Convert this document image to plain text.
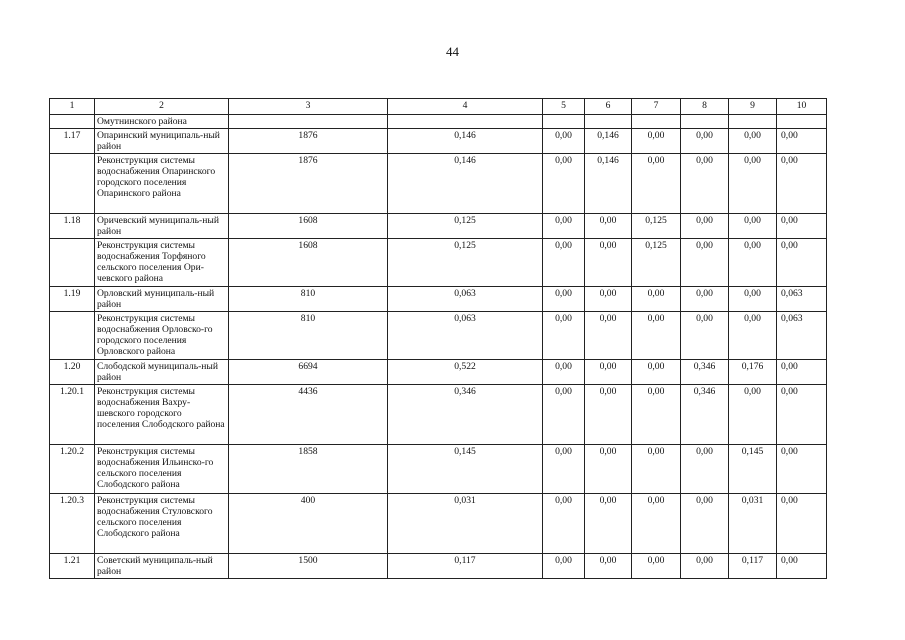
44
1	2	3	4	5	6	7	8	9	10
	Омутнинского района								
1.17	Опаринский муниципаль-ный район	1876	0,146	0,00	0,146	0,00	0,00	0,00	0,00
	Реконструкция системы водоснабжения Опаринского городского поселения Опаринского района	1876	0,146	0,00	0,146	0,00	0,00	0,00	0,00
1.18	Оричевский муниципаль-ный район	1608	0,125	0,00	0,00	0,125	0,00	0,00	0,00
	Реконструкция системы водоснабжения Торфяного сельского поселения Ори-чевского района	1608	0,125	0,00	0,00	0,125	0,00	0,00	0,00
1.19	Орловский муниципаль-ный район	810	0,063	0,00	0,00	0,00	0,00	0,00	0,063
	Реконструкция системы водоснабжения Орловско-го городского поселения Орловского района	810	0,063	0,00	0,00	0,00	0,00	0,00	0,063
1.20	Слободской муниципаль-ный район	6694	0,522	0,00	0,00	0,00	0,346	0,176	0,00
1.20.1	Реконструкция системы водоснабжения Вахру-шевского городского поселения Слободского района	4436	0,346	0,00	0,00	0,00	0,346	0,00	0,00
1.20.2	Реконструкция системы водоснабжения Ильинско-го сельского поселения Слободского района	1858	0,145	0,00	0,00	0,00	0,00	0,145	0,00
1.20.3	Реконструкция системы водоснабжения Стуловского сельского поселения Слободского района	400	0,031	0,00	0,00	0,00	0,00	0,031	0,00
1.21	Советский муниципаль-ный район	1500	0,117	0,00	0,00	0,00	0,00	0,117	0,00
